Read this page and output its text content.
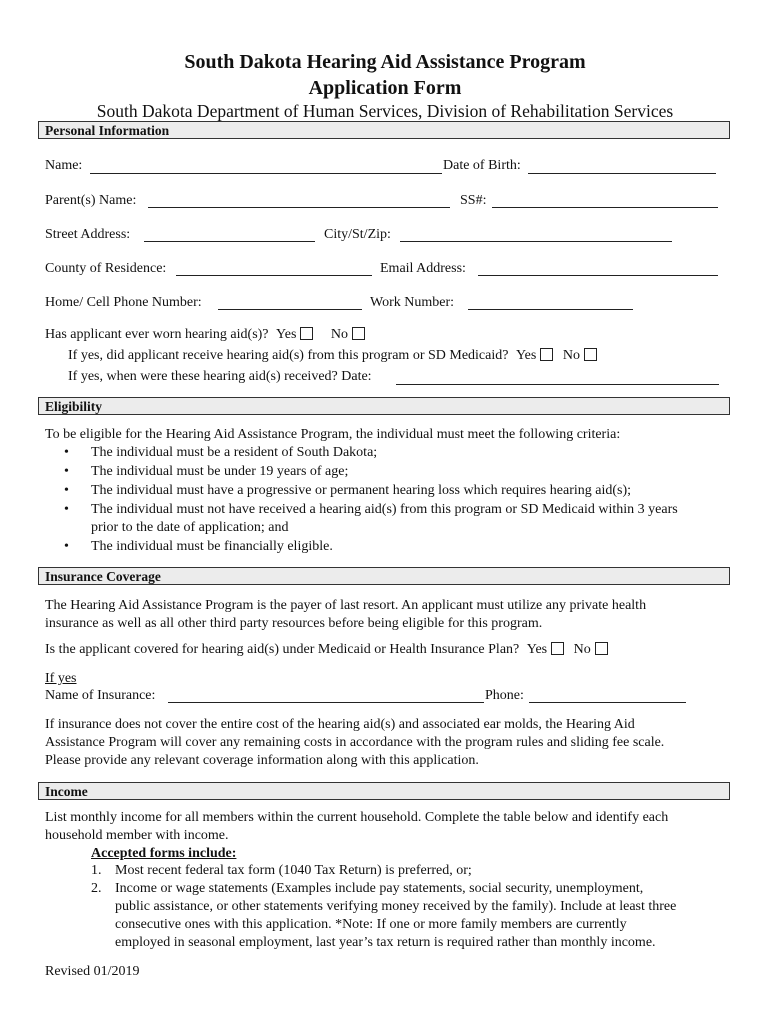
South Dakota Hearing Aid Assistance Program
Application Form
South Dakota Department of Human Services, Division of Rehabilitation Services
Personal Information
Name:	Date of Birth:
Parent(s) Name:	SS#:
Street Address:	City/St/Zip:
County of Residence:	Email Address:
Home/ Cell Phone Number:	Work Number:
Has applicant ever worn hearing aid(s)? Yes No
If yes, did applicant receive hearing aid(s) from this program or SD Medicaid? Yes No
If yes, when were these hearing aid(s) received? Date:
Eligibility
To be eligible for the Hearing Aid Assistance Program, the individual must meet the following criteria:
• The individual must be a resident of South Dakota;
• The individual must be under 19 years of age;
• The individual must have a progressive or permanent hearing loss which requires hearing aid(s);
• The individual must not have received a hearing aid(s) from this program or SD Medicaid within 3 years
prior to the date of application; and
• The individual must be financially eligible.
Insurance Coverage
The Hearing Aid Assistance Program is the payer of last resort. An applicant must utilize any private health
insurance as well as all other third party resources before being eligible for this program.
Is the applicant covered for hearing aid(s) under Medicaid or Health Insurance Plan? Yes No
If yes
Name of Insurance:	Phone:
If insurance does not cover the entire cost of the hearing aid(s) and associated ear molds, the Hearing Aid
Assistance Program will cover any remaining costs in accordance with the program rules and sliding fee scale.
Please provide any relevant coverage information along with this application.
Income
List monthly income for all members within the current household. Complete the table below and identify each
household member with income.
Accepted forms include:
1. Most recent federal tax form (1040 Tax Return) is preferred, or;
2. Income or wage statements (Examples include pay statements, social security, unemployment,
public assistance, or other statements verifying money received by the family). Include at least three
consecutive ones with this application. *Note: If one or more family members are currently
employed in seasonal employment, last year’s tax return is required rather than monthly income.
Revised 01/2019
